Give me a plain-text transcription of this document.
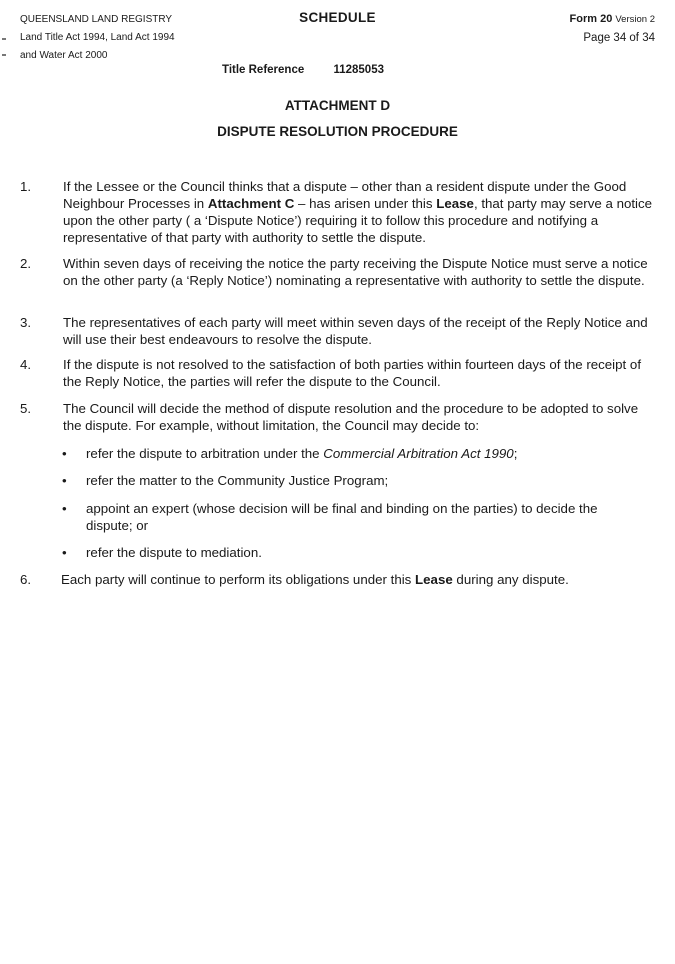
QUEENSLAND LAND REGISTRY
Land Title Act 1994, Land Act 1994
and Water Act 2000
SCHEDULE	Form 20 Version 2
Page 34 of 34
Title Reference	11285053
ATTACHMENT D
DISPUTE RESOLUTION PROCEDURE
1. If the Lessee or the Council thinks that a dispute – other than a resident dispute under the Good Neighbour Processes in Attachment C – has arisen under this Lease, that party may serve a notice upon the other party ( a ‘Dispute Notice’) requiring it to follow this procedure and notifying a representative of that party with authority to settle the dispute.
2. Within seven days of receiving the notice the party receiving the Dispute Notice must serve a notice on the other party (a ‘Reply Notice’) nominating a representative with authority to settle the dispute.
3. The representatives of each party will meet within seven days of the receipt of the Reply Notice and will use their best endeavours to resolve the dispute.
4. If the dispute is not resolved to the satisfaction of both parties within fourteen days of the receipt of the Reply Notice, the parties will refer the dispute to the Council.
5. The Council will decide the method of dispute resolution and the procedure to be adopted to solve the dispute. For example, without limitation, the Council may decide to:
• refer the dispute to arbitration under the Commercial Arbitration Act 1990;
• refer the matter to the Community Justice Program;
• appoint an expert (whose decision will be final and binding on the parties) to decide the dispute; or
• refer the dispute to mediation.
6. Each party will continue to perform its obligations under this Lease during any dispute.
